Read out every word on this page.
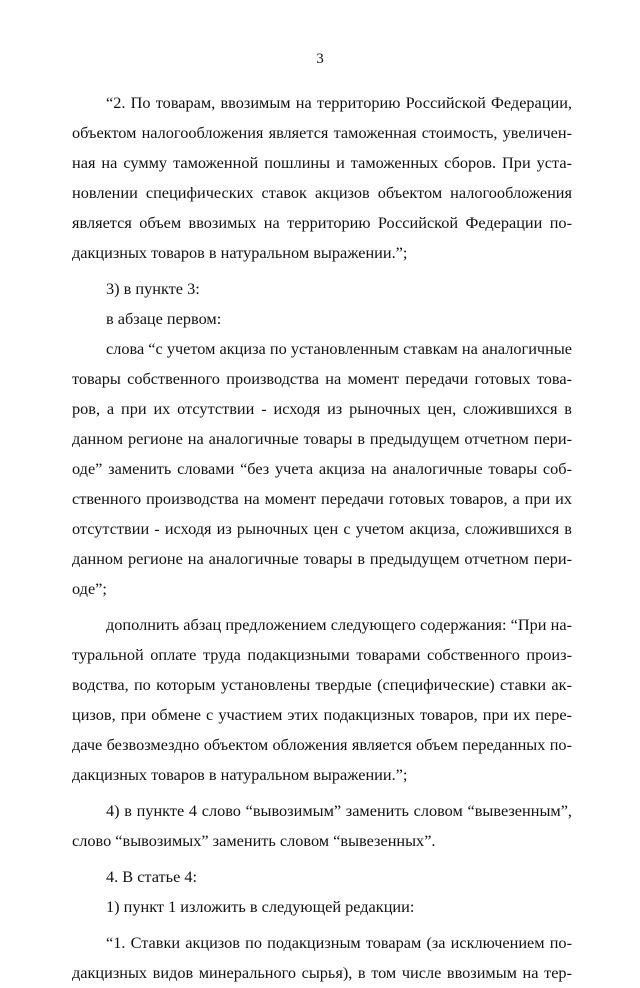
3
“2. По товарам, ввозимым на территорию Российской Федерации,
объектом налогообложения является таможенная стоимость, увеличен-
ная на сумму таможенной пошлины и таможенных сборов. При уста-
новлении специфических ставок акцизов объектом налогообложения
является объем ввозимых на территорию Российской Федерации по-
дакцизных товаров в натуральном выражении.”;
3) в пункте 3:
в абзаце первом:
слова “с учетом акциза по установленным ставкам на аналогичные
товары собственного производства на момент передачи готовых това-
ров, а при их отсутствии - исходя из рыночных цен, сложившихся в
данном регионе на аналогичные товары в предыдущем отчетном пери-
оде” заменить словами “без учета акциза на аналогичные товары соб-
ственного производства на момент передачи готовых товаров, а при их
отсутствии - исходя из рыночных цен с учетом акциза, сложившихся в
данном регионе на аналогичные товары в предыдущем отчетном пери-
оде”;
дополнить абзац предложением следующего содержания: “При на-
туральной оплате труда подакцизными товарами собственного произ-
водства, по которым установлены твердые (специфические) ставки ак-
цизов, при обмене с участием этих подакцизных товаров, при их пере-
даче безвозмездно объектом обложения является объем переданных по-
дакцизных товаров в натуральном выражении.”;
4) в пункте 4 слово “вывозимым” заменить словом “вывезенным”,
слово “вывозимых” заменить словом “вывезенных”.
4. В статье 4:
1) пункт 1 изложить в следующей редакции:
“1. Ставки акцизов по подакцизным товарам (за исключением по-
дакцизных видов минерального сырья), в том числе ввозимым на тер-
